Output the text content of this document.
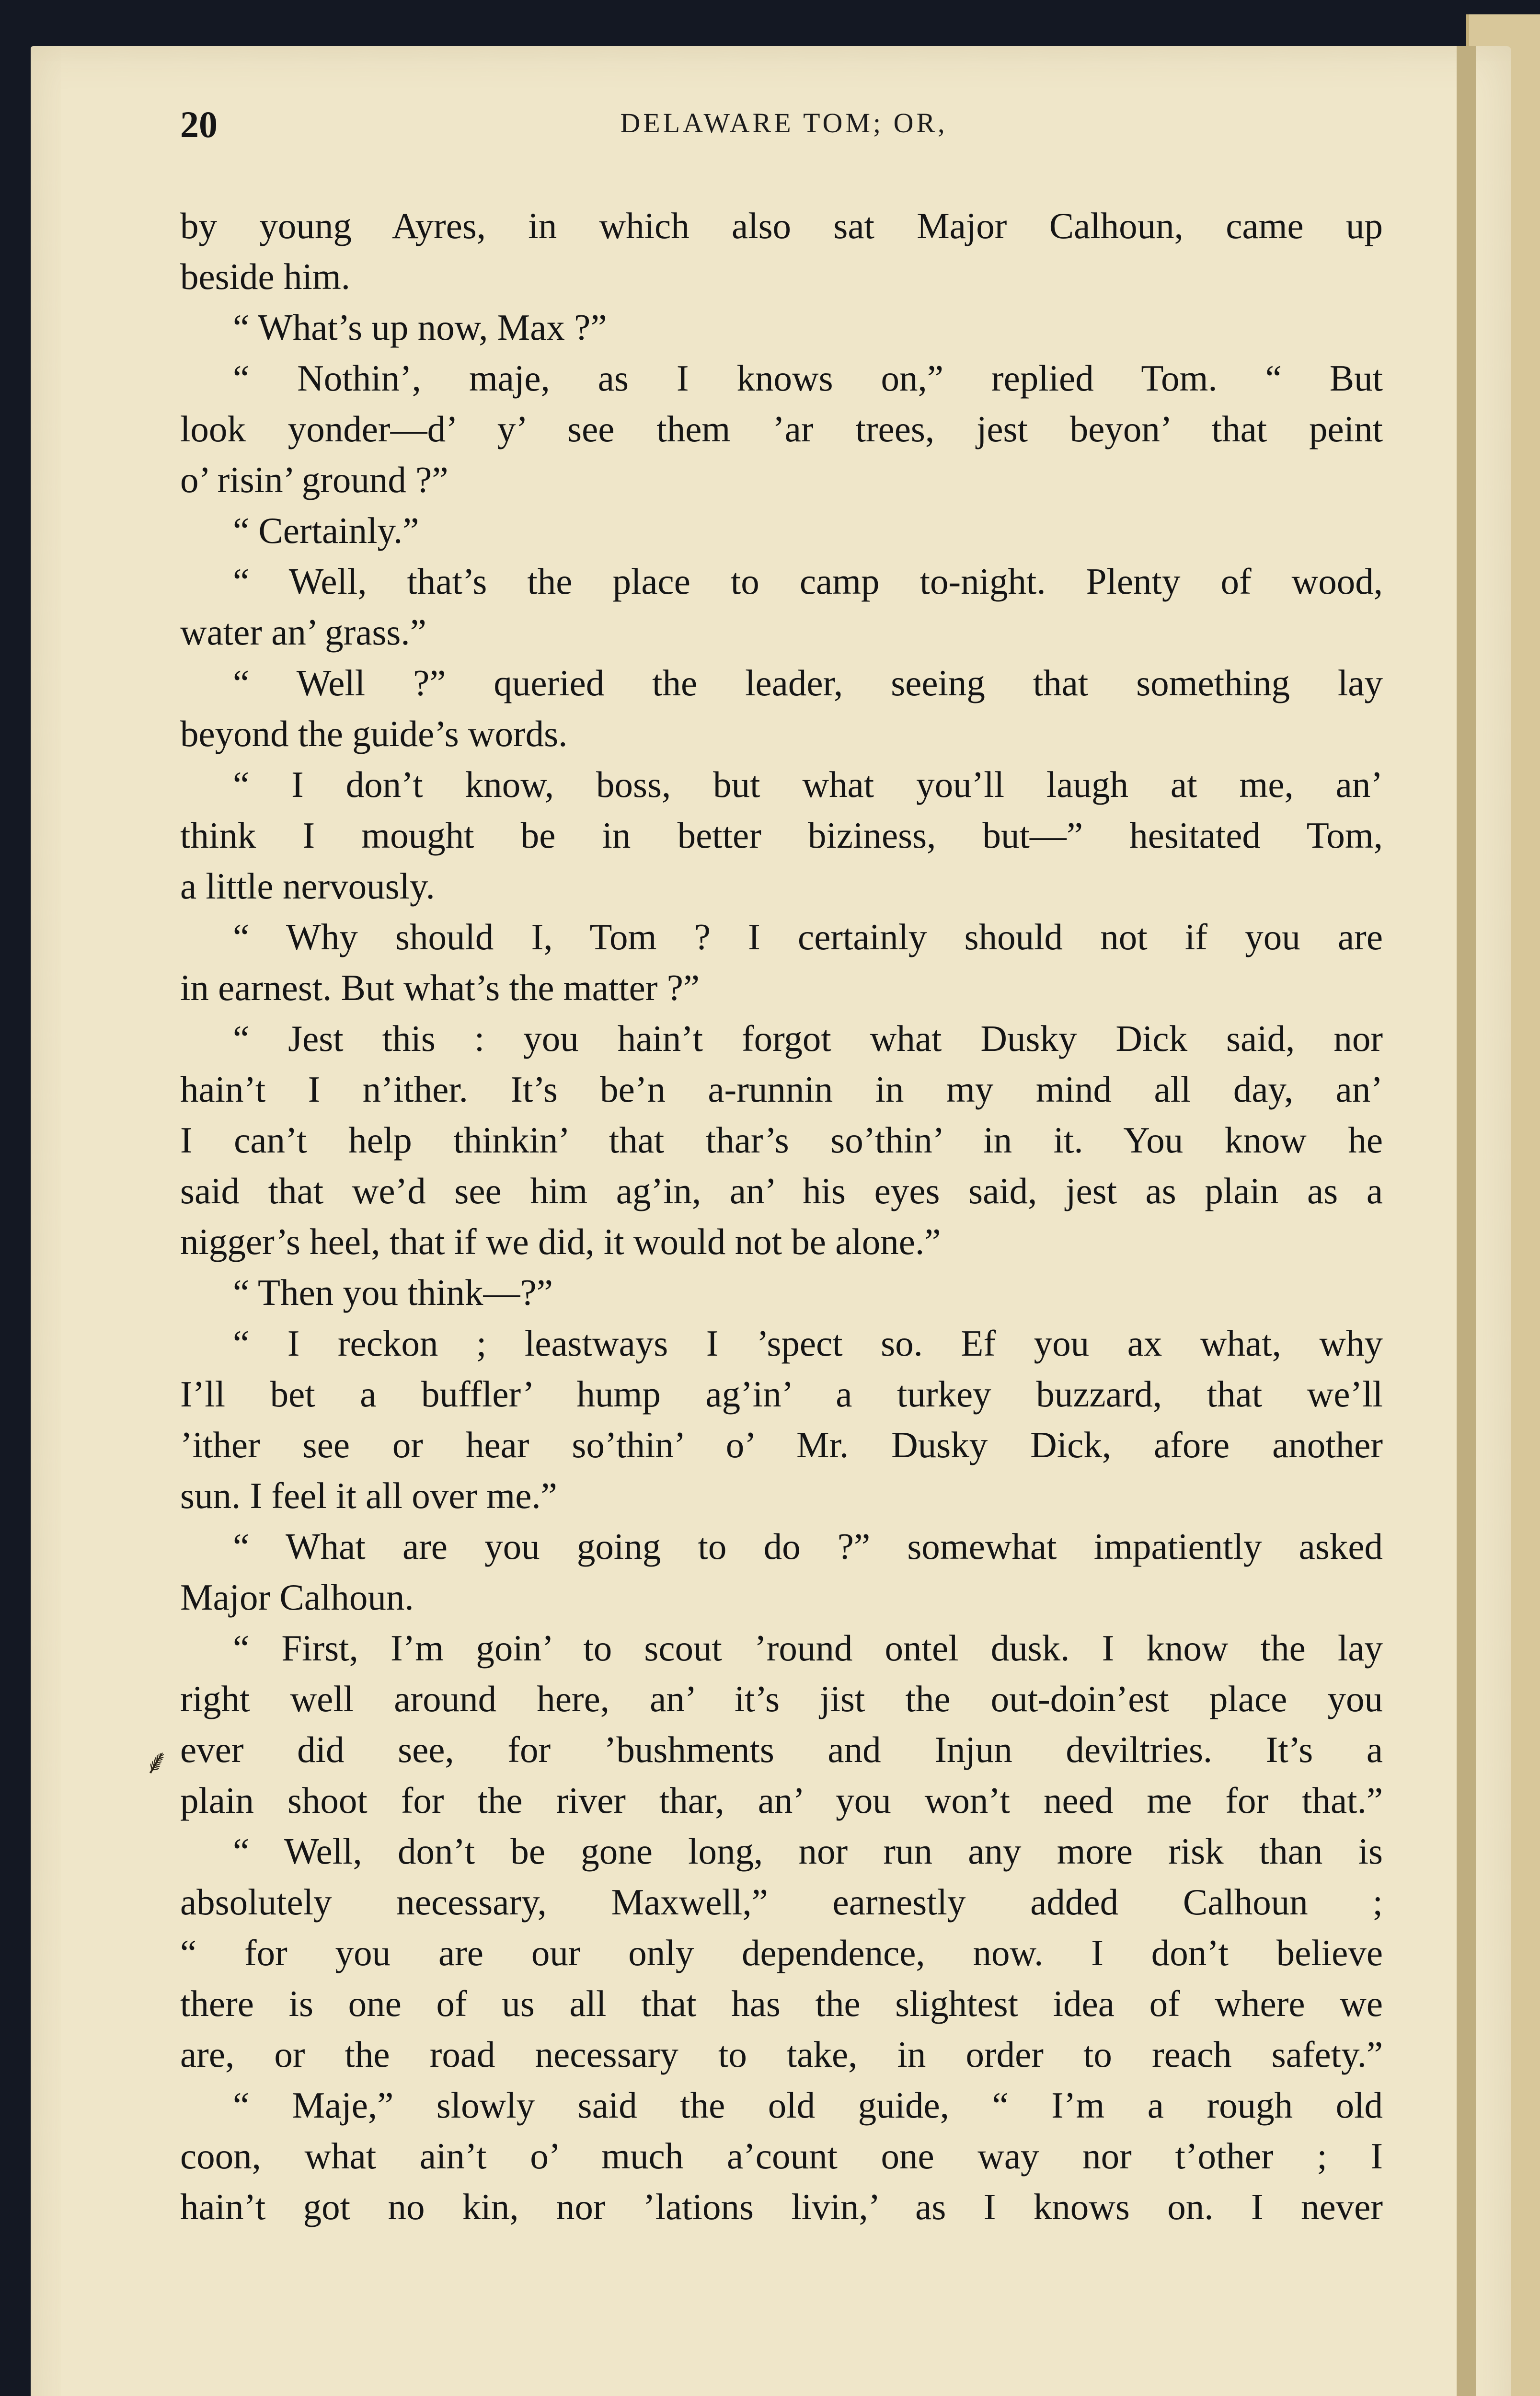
20	DELAWARE TOM; OR,
by young Ayres, in which also sat Major Calhoun, came up
beside him.
“ What’s up now, Max ?”
“ Nothin’, maje, as I knows on,” replied Tom. “ But
look yonder—d’ y’ see them ’ar trees, jest beyon’ that peint
o’ risin’ ground ?”
“ Certainly.”
“ Well, that’s the place to camp to-night. Plenty of wood,
water an’ grass.”
“ Well ?” queried the leader, seeing that something lay
beyond the guide’s words.
“ I don’t know, boss, but what you’ll laugh at me, an’
think I mought be in better biziness, but—” hesitated Tom,
a little nervously.
“ Why should I, Tom ? I certainly should not if you are
in earnest. But what’s the matter ?”
“ Jest this : you hain’t forgot what Dusky Dick said, nor
hain’t I n’ither. It’s be’n a-runnin in my mind all day, an’
I can’t help thinkin’ that thar’s so’thin’ in it. You know he
said that we’d see him ag’in, an’ his eyes said, jest as plain as a
nigger’s heel, that if we did, it would not be alone.”
“ Then you think—?”
“ I reckon ; leastways I ’spect so. Ef you ax what, why
I’ll bet a buffler’ hump ag’in’ a turkey buzzard, that we’ll
’ither see or hear so’thin’ o’ Mr. Dusky Dick, afore another
sun. I feel it all over me.”
“ What are you going to do ?” somewhat impatiently asked
Major Calhoun.
“ First, I’m goin’ to scout ’round ontel dusk. I know the lay
right well around here, an’ it’s jist the out-doin’est place you
ever did see, for ’bushments and Injun deviltries. It’s a
plain shoot for the river thar, an’ you won’t need me for that.”
“ Well, don’t be gone long, nor run any more risk than is
absolutely necessary, Maxwell,” earnestly added Calhoun ;
“ for you are our only dependence, now. I don’t believe
there is one of us all that has the slightest idea of where we
are, or the road necessary to take, in order to reach safety.”
“ Maje,” slowly said the old guide, “ I’m a rough old
coon, what ain’t o’ much a’count one way nor t’other ; I
hain’t got no kin, nor ’lations livin,’ as I knows on. I never
⸙
